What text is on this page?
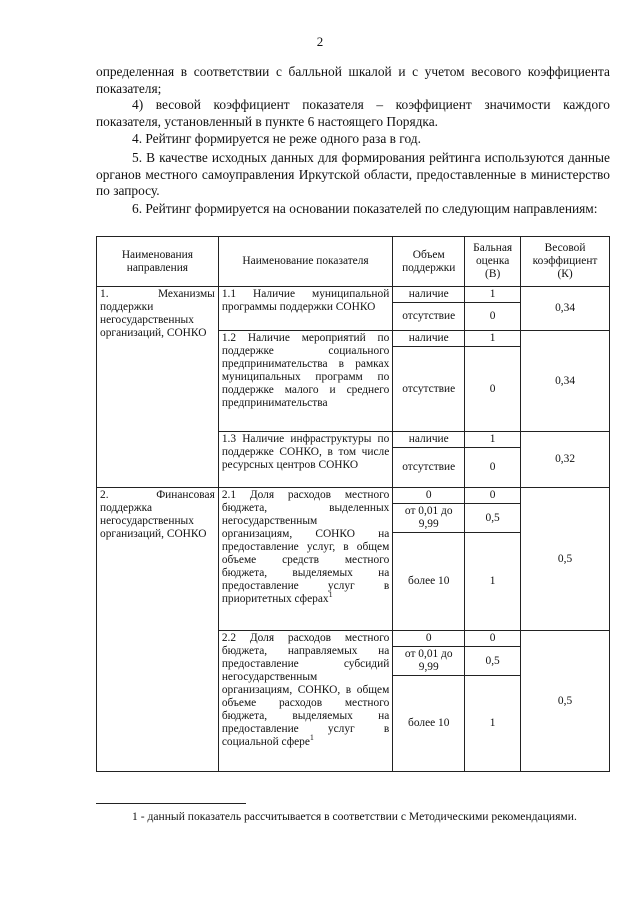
2
определенная в соответствии с балльной шкалой и с учетом весового коэффициента показателя;
4) весовой коэффициент показателя – коэффициент значимости каждого показателя, установленный в пункте 6 настоящего Порядка.
4. Рейтинг формируется не реже одного раза в год.
5. В качестве исходных данных для формирования рейтинга используются данные органов местного самоуправления Иркутской области, предоставленные в министерство по запросу.
6. Рейтинг формируется на основании показателей по следующим направлениям:
Наименования направления	Наименование показателя	Объем поддержки	Бальная оценка (В)	Весовой коэффициент (К)
1. Механизмы поддержки негосударственных организаций, СОНКО	1.1 Наличие муниципальной программы поддержки СОНКО	наличие	1	0,34
		отсутствие	0	
	1.2 Наличие мероприятий по поддержке социального предпринимательства в рамках муниципальных программ по поддержке малого и среднего предпринимательства	наличие	1	0,34
		отсутствие	0	
	1.3 Наличие инфраструктуры по поддержке СОНКО, в том числе ресурсных центров СОНКО	наличие	1	0,32
		отсутствие	0	
2. Финансовая поддержка негосударственных организаций, СОНКО	2.1 Доля расходов местного бюджета, выделенных негосударственным организациям, СОНКО на предоставление услуг, в общем объеме средств местного бюджета, выделяемых на предоставление услуг в приоритетных сферах$^1$	0	0	0,5
		от 0,01 до 9,99	0,5	
		более 10	1	
	2.2 Доля расходов местного бюджета, направляемых на предоставление субсидий негосударственным организациям, СОНКО, в общем объеме расходов местного бюджета, выделяемых на предоставление услуг в социальной сфере$^1$	0	0	0,5
		от 0,01 до 9,99	0,5	
		более 10	1	
1 - данный показатель рассчитывается в соответствии с Методическими рекомендациями.
